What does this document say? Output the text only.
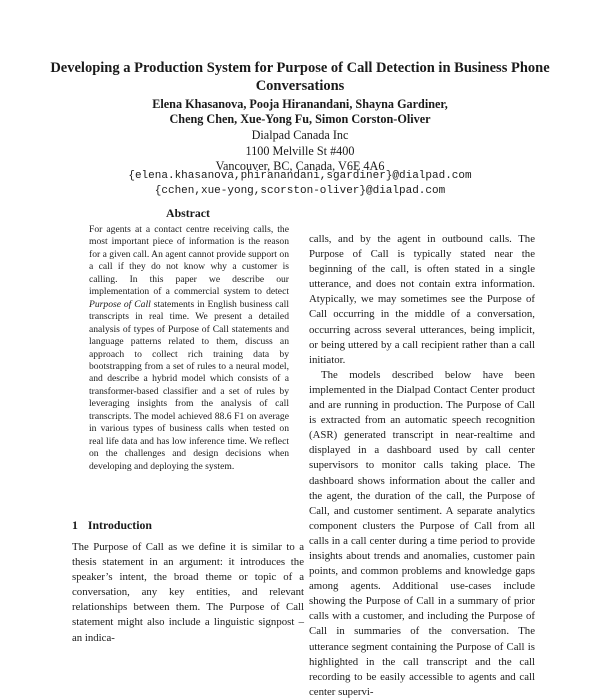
Developing a Production System for Purpose of Call Detection in Business Phone Conversations
Elena Khasanova, Pooja Hiranandani, Shayna Gardiner,
Cheng Chen, Xue-Yong Fu, Simon Corston-Oliver
Dialpad Canada Inc
1100 Melville St #400
Vancouver, BC, Canada, V6E 4A6
{elena.khasanova,phiranandani,sgardiner}@dialpad.com
{cchen,xue-yong,scorston-oliver}@dialpad.com
Abstract

For agents at a contact centre receiving calls, the most important piece of information is the reason for a given call. An agent cannot provide support on a call if they do not know why a customer is calling. In this paper we describe our implementation of a commercial system to detect Purpose of Call statements in English business call transcripts in real time. We present a detailed analysis of types of Purpose of Call statements and language patterns related to them, discuss an approach to collect rich training data by bootstrapping from a set of rules to a neural model, and describe a hybrid model which consists of a transformer-based classifier and a set of rules by leveraging insights from the analysis of call transcripts. The model achieved 88.6 F1 on average in various types of business calls when tested on real life data and has low inference time. We reflect on the challenges and design decisions when developing and deploying the system.

1 Introduction

The Purpose of Call as we define it is similar to a thesis statement in an argument: it introduces the speaker’s intent, the broad theme or topic of a conversation, any key entities, and relevant relationships between them. The Purpose of Call statement might also include a linguistic signpost – an indica-

calls, and by the agent in outbound calls. The Purpose of Call is typically stated near the beginning of the call, is often stated in a single utterance, and does not contain extra information. Atypically, we may sometimes see the Purpose of Call occurring in the middle of a conversation, occurring across several utterances, being implicit, or being uttered by a call recipient rather than a call initiator.

The models described below have been implemented in the Dialpad Contact Center product and are running in production. The Purpose of Call is extracted from an automatic speech recognition (ASR) generated transcript in near-realtime and displayed in a dashboard used by call center supervisors to monitor calls taking place. The dashboard shows information about the caller and the agent, the duration of the call, the Purpose of Call, and customer sentiment. A separate analytics component clusters the Purpose of Call from all calls in a call center during a time period to provide insights about trends and anomalies, customer pain points, and common problems and knowledge gaps among agents. Additional use-cases include showing the Purpose of Call in a summary of prior calls with a customer, and including the Purpose of Call in summaries of the conversation. The utterance segment containing the Purpose of Call is highlighted in the call transcript and the call recording to be easily accessible to agents and call center supervi-
